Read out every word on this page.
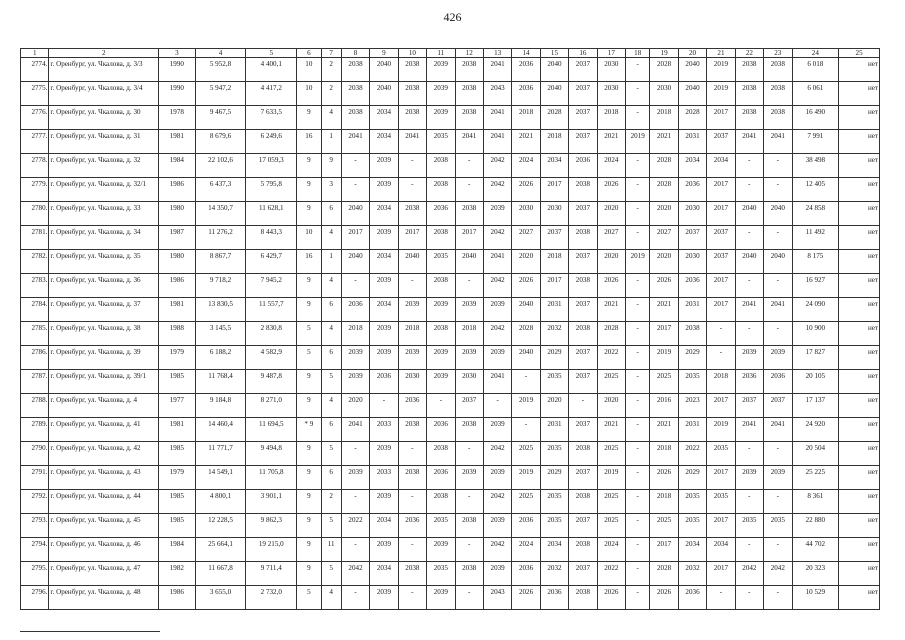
426
1	2	3	4	5	6	7	8	9	10	11	12	13	14	15	16	17	18	19	20	21	22	23	24	25
2774.	г. Оренбург, ул. Чкалова, д. 3/3	1990	5 952,8	4 400,1	10	2	2038	2040	2038	2039	2038	2041	2036	2040	2037	2030	-	2028	2040	2019	2038	2038	6 018	нет
2775.	г. Оренбург, ул. Чкалова, д. 3/4	1990	5 947,2	4 417,2	10	2	2038	2040	2038	2039	2038	2043	2036	2040	2037	2030	-	2030	2040	2019	2038	2038	6 061	нет
2776.	г. Оренбург, ул. Чкалова, д. 30	1978	9 467,5	7 633,5	9	4	2038	2034	2038	2039	2038	2041	2018	2028	2037	2018	-	2018	2028	2017	2038	2038	16 490	нет
2777.	г. Оренбург, ул. Чкалова, д. 31	1981	8 679,6	6 249,6	16	1	2041	2034	2041	2035	2041	2041	2021	2018	2037	2021	2019	2021	2031	2037	2041	2041	7 991	нет
2778.	г. Оренбург, ул. Чкалова, д. 32	1984	22 102,6	17 059,3	9	9	-	2039	-	2038	-	2042	2024	2034	2036	2024	-	2028	2034	2034	-	-	38 498	нет
2779.	г. Оренбург, ул. Чкалова, д. 32/1	1986	6 437,3	5 795,8	9	3	-	2039	-	2038	-	2042	2026	2017	2038	2026	-	2028	2036	2017	-	-	12 405	нет
2780.	г. Оренбург, ул. Чкалова, д. 33	1980	14 350,7	11 628,1	9	6	2040	2034	2038	2036	2038	2039	2030	2030	2037	2020	-	2020	2030	2017	2040	2040	24 858	нет
2781.	г. Оренбург, ул. Чкалова, д. 34	1987	11 276,2	8 443,3	10	4	2017	2039	2017	2038	2017	2042	2027	2037	2038	2027	-	2027	2037	2037	-	-	11 492	нет
2782.	г. Оренбург, ул. Чкалова, д. 35	1980	8 867,7	6 429,7	16	1	2040	2034	2040	2035	2040	2041	2020	2018	2037	2020	2019	2020	2030	2037	2040	2040	8 175	нет
2783.	г. Оренбург, ул. Чкалова, д. 36	1986	9 718,2	7 945,2	9	4	-	2039	-	2038	-	2042	2026	2017	2038	2026	-	2026	2036	2017	-	-	16 927	нет
2784.	г. Оренбург, ул. Чкалова, д. 37	1981	13 830,5	11 557,7	9	6	2036	2034	2039	2039	2039	2039	2040	2031	2037	2021	-	2021	2031	2017	2041	2041	24 090	нет
2785.	г. Оренбург, ул. Чкалова, д. 38	1988	3 145,5	2 830,8	5	4	2018	2039	2018	2038	2018	2042	2028	2032	2038	2028	-	2017	2038	-	-	-	10 900	нет
2786.	г. Оренбург, ул. Чкалова, д. 39	1979	6 188,2	4 582,9	5	6	2039	2039	2039	2039	2039	2039	2040	2029	2037	2022	-	2019	2029	-	2039	2039	17 827	нет
2787.	г. Оренбург, ул. Чкалова, д. 39/1	1985	11 768,4	9 487,8	9	5	2039	2036	2030	2039	2030	2041	-	2035	2037	2025	-	2025	2035	2018	2036	2036	20 105	нет
2788.	г. Оренбург, ул. Чкалова, д. 4	1977	9 184,8	8 271,0	9	4	2020	-	2036	-	2037	-	2019	2020	-	2020	-	2016	2023	2017	2037	2037	17 137	нет
2789.	г. Оренбург, ул. Чкалова, д. 41	1981	14 460,4	11 694,5	* 9	6	2041	2033	2038	2036	2038	2039	-	2031	2037	2021	-	2021	2031	2019	2041	2041	24 920	нет
2790.	г. Оренбург, ул. Чкалова, д. 42	1985	11 771,7	9 494,8	9	5	-	2039	-	2038	-	2042	2025	2035	2038	2025	-	2018	2022	2035	-	-	20 504	нет
2791.	г. Оренбург, ул. Чкалова, д. 43	1979	14 549,1	11 705,8	9	6	2039	2033	2038	2036	2039	2039	2019	2029	2037	2019	-	2026	2029	2017	2039	2039	25 225	нет
2792.	г. Оренбург, ул. Чкалова, д. 44	1985	4 800,1	3 901,1	9	2	-	2039	-	2038	-	2042	2025	2035	2038	2025	-	2018	2035	2035	-	-	8 361	нет
2793.	г. Оренбург, ул. Чкалова, д. 45	1985	12 228,5	9 862,3	9	5	2022	2034	2036	2035	2038	2039	2036	2035	2037	2025	-	2025	2035	2017	2035	2035	22 880	нет
2794.	г. Оренбург, ул. Чкалова, д. 46	1984	25 664,1	19 215,0	9	11	-	2039	-	2039	-	2042	2024	2034	2038	2024	-	2017	2034	2034	-	-	44 702	нет
2795.	г. Оренбург, ул. Чкалова, д. 47	1982	11 667,8	9 711,4	9	5	2042	2034	2038	2035	2038	2039	2036	2032	2037	2022	-	2028	2032	2017	2042	2042	20 323	нет
2796.	г. Оренбург, ул. Чкалова, д. 48	1986	3 655,0	2 732,0	5	4	-	2039	-	2039	-	2043	2026	2036	2038	2026	-	2026	2036	-	-	-	10 529	нет
